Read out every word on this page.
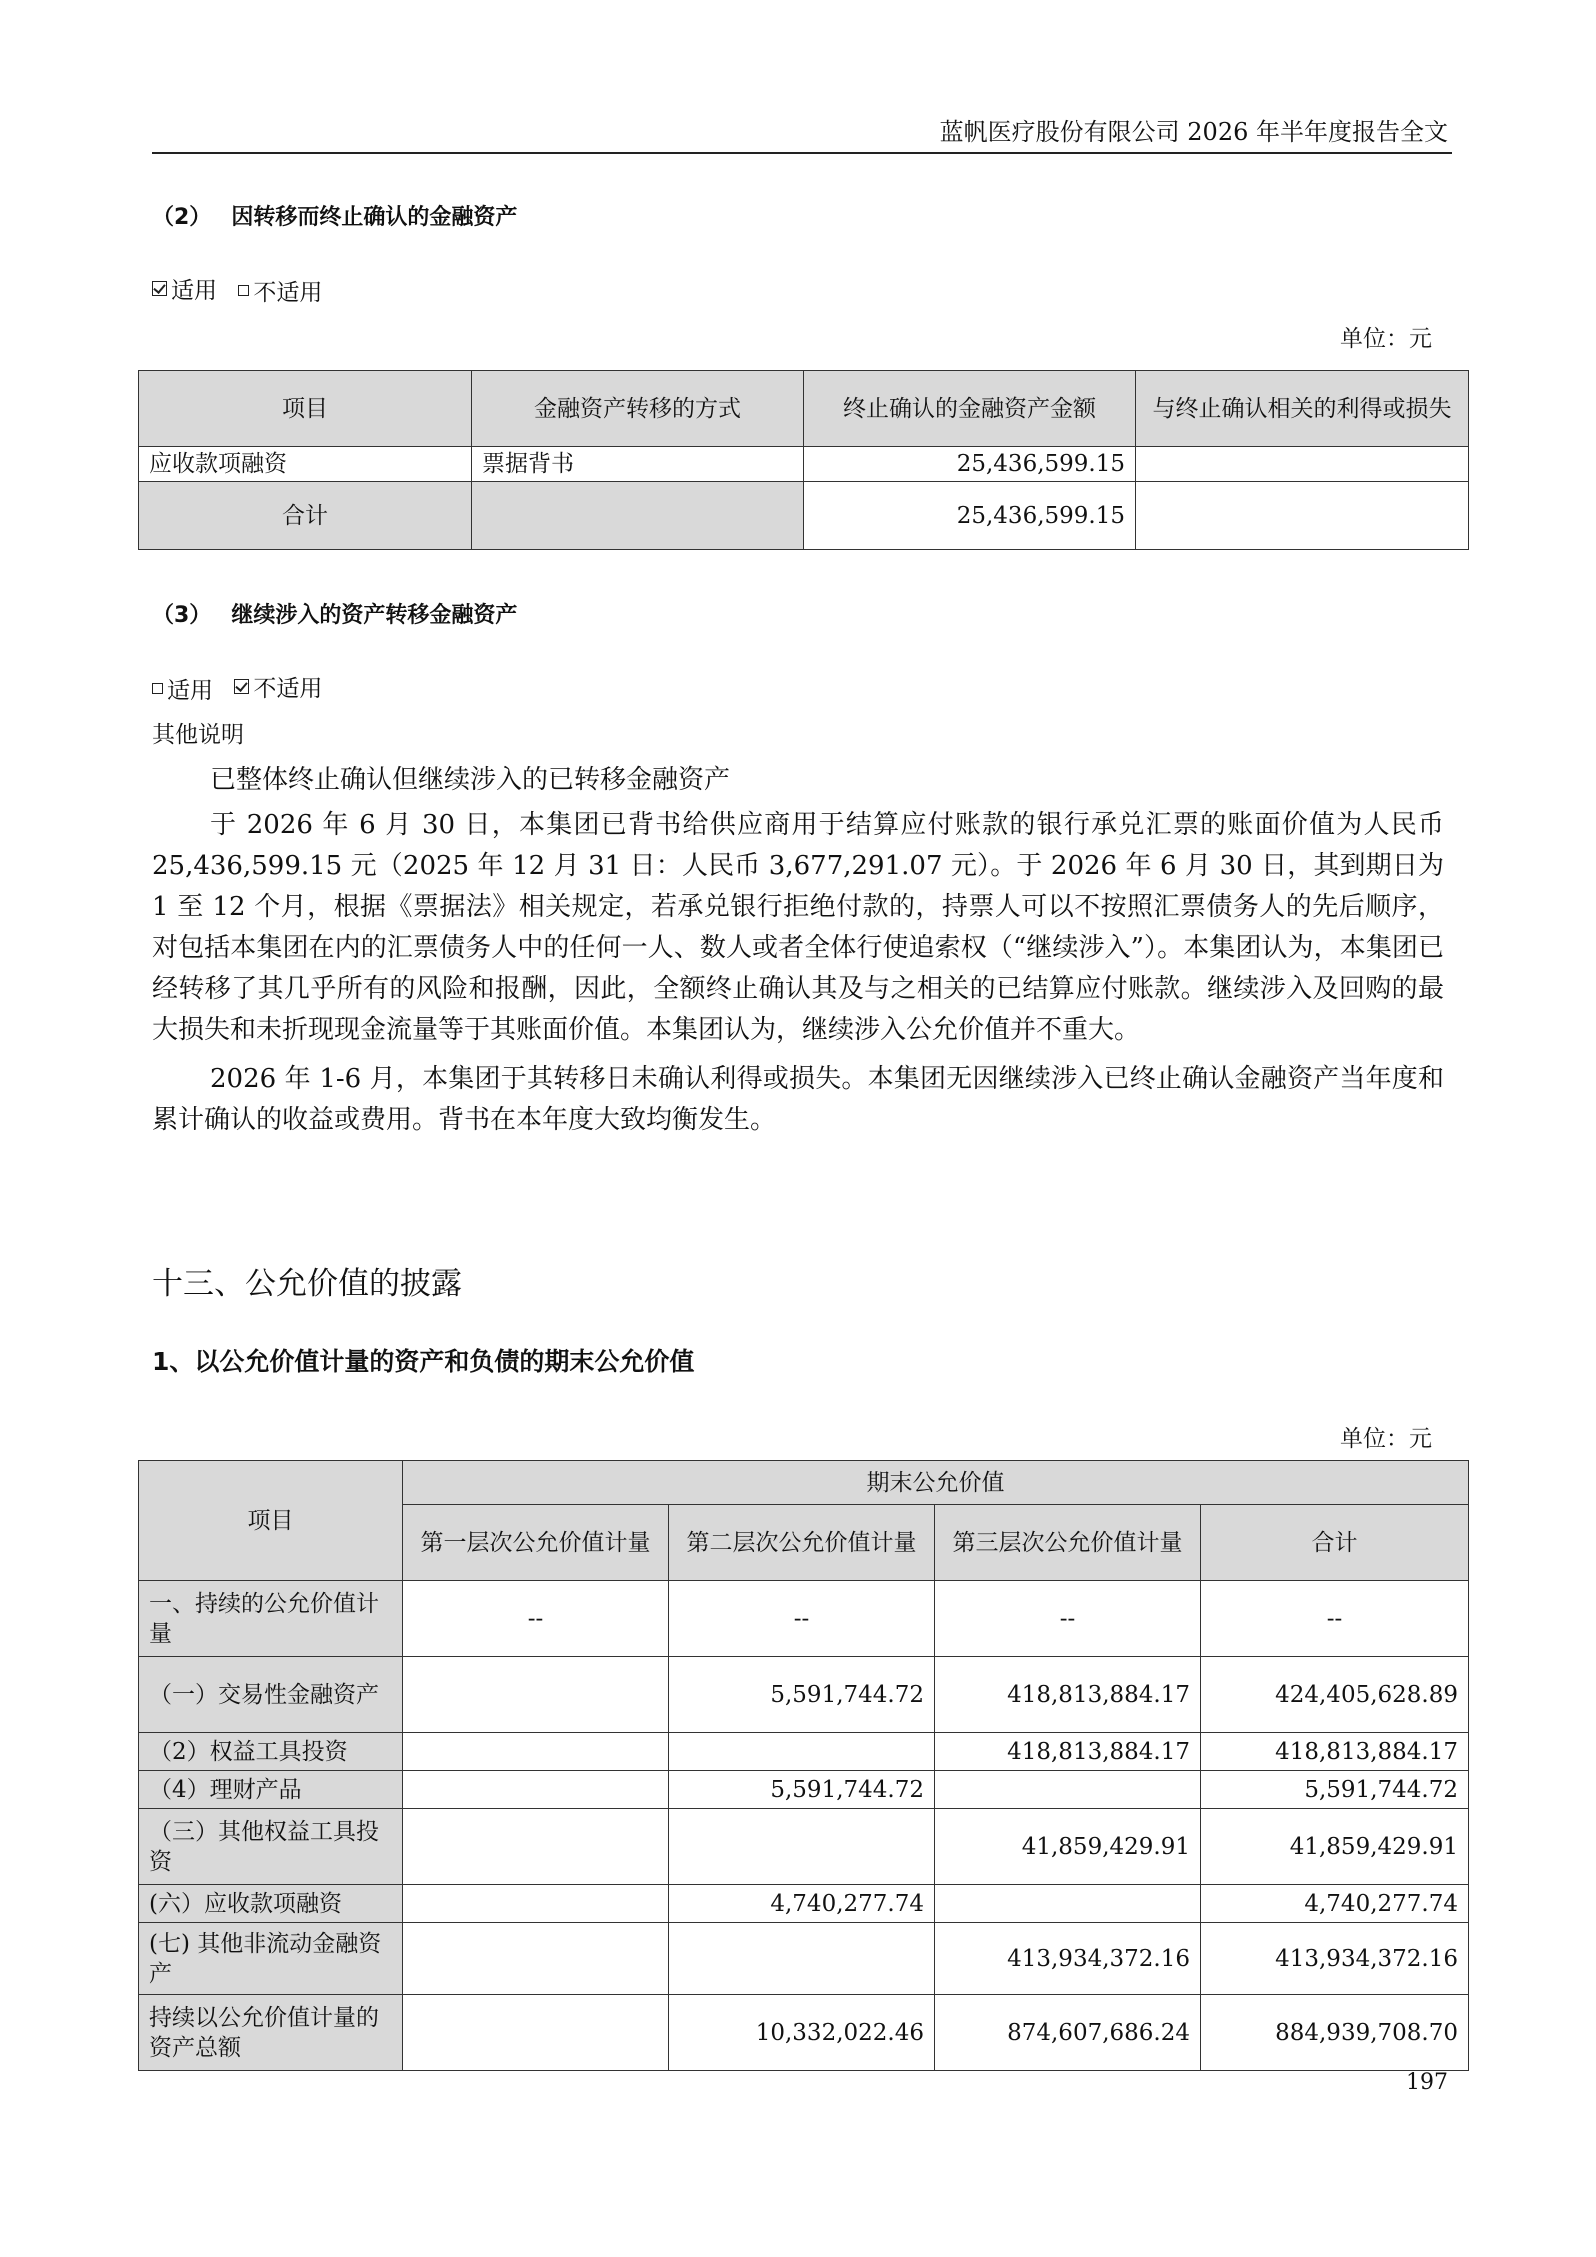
蓝帆医疗股份有限公司 2026 年半年度报告全文
（2） 因转移而终止确认的金融资产
适用
不适用
单位：元
项目	金融资产转移的方式	终止确认的金融资产金额	与终止确认相关的利得或损失
应收款项融资	票据背书	25,436,599.15	
合计		25,436,599.15	
（3） 继续涉入的资产转移金融资产
适用
不适用
其他说明

已整体终止确认但继续涉入的已转移金融资产

于 2026 年 6 月 30 日，本集团已背书给供应商用于结算应付账款的银行承兑汇票的账面价值为人民币 25,436,599.15 元（2025 年 12 月 31 日：人民币 3,677,291.07 元）。于 2026 年 6 月 30 日，其到期日为 1 至 12 个月，根据《票据法》相关规定，若承兑银行拒绝付款的，持票人可以不按照汇票债务人的先后顺序，对包括本集团在内的汇票债务人中的任何一人、数人或者全体行使追索权（“继续涉入”）。本集团认为，本集团已经转移了其几乎所有的风险和报酬，因此，全额终止确认其及与之相关的已结算应付账款。继续涉入及回购的最大损失和未折现现金流量等于其账面价值。本集团认为，继续涉入公允价值并不重大。

2026 年 1-6 月，本集团于其转移日未确认利得或损失。本集团无因继续涉入已终止确认金融资产当年度和累计确认的收益或费用。背书在本年度大致均衡发生。

十三、公允价值的披露
1、以公允价值计量的资产和负债的期末公允价值
单位：元
项目	期末公允价值			
	第一层次公允价值计量	第二层次公允价值计量	第三层次公允价值计量	合计
一、持续的公允价值计量	--	--	--	--
（一）交易性金融资产		5,591,744.72	418,813,884.17	424,405,628.89
（2）权益工具投资			418,813,884.17	418,813,884.17
（4）理财产品		5,591,744.72		5,591,744.72
（三）其他权益工具投资			41,859,429.91	41,859,429.91
(六）应收款项融资		4,740,277.74		4,740,277.74
(七) 其他非流动金融资产			413,934,372.16	413,934,372.16
持续以公允价值计量的资产总额		10,332,022.46	874,607,686.24	884,939,708.70
197
